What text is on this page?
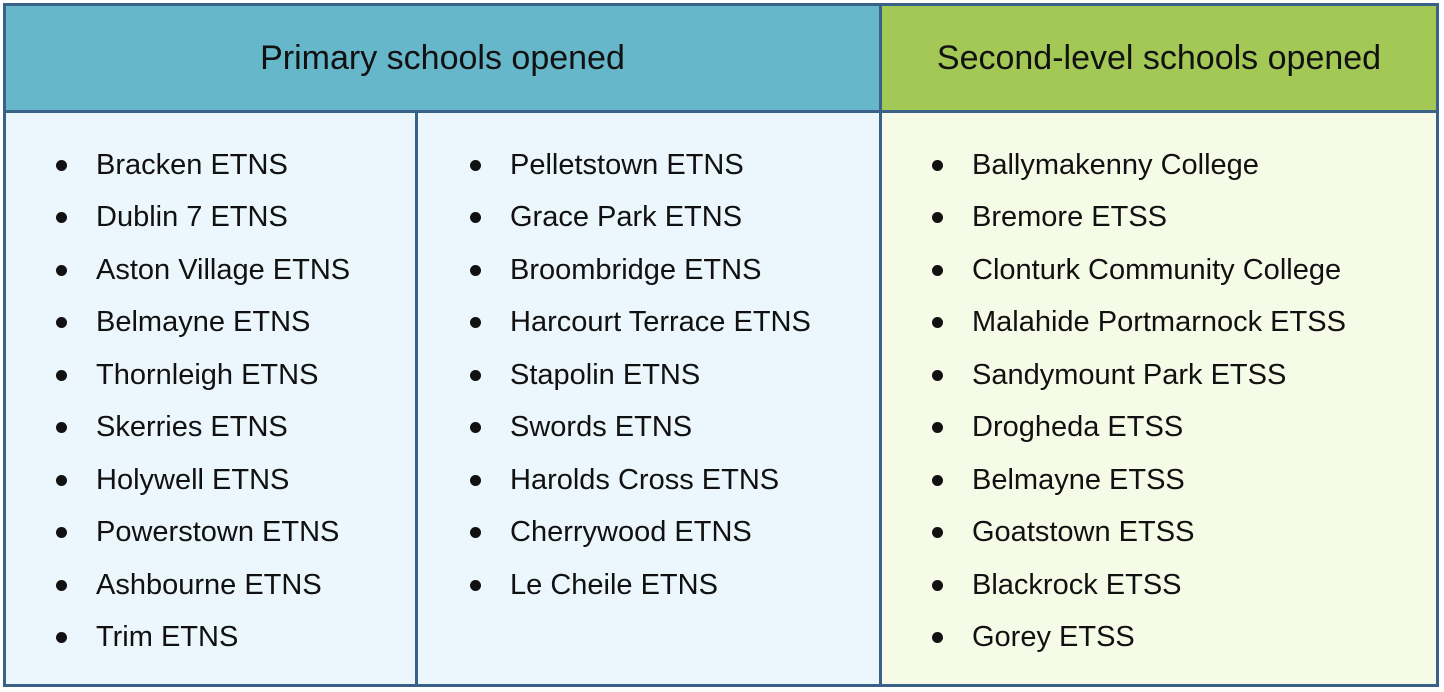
Primary schools opened	Second-level schools opened
Bracken ETNS
Dublin 7 ETNS
Aston Village ETNS
Belmayne ETNS
Thornleigh ETNS
Skerries ETNS
Holywell ETNS
Powerstown ETNS
Ashbourne ETNS
Trim ETNS
Pelletstown ETNS
Grace Park ETNS
Broombridge ETNS
Harcourt Terrace ETNS
Stapolin ETNS
Swords ETNS
Harolds Cross ETNS
Cherrywood ETNS
Le Cheile ETNS
Ballymakenny College
Bremore ETSS
Clonturk Community College
Malahide Portmarnock ETSS
Sandymount Park ETSS
Drogheda ETSS
Belmayne ETSS
Goatstown ETSS
Blackrock ETSS
Gorey ETSS
